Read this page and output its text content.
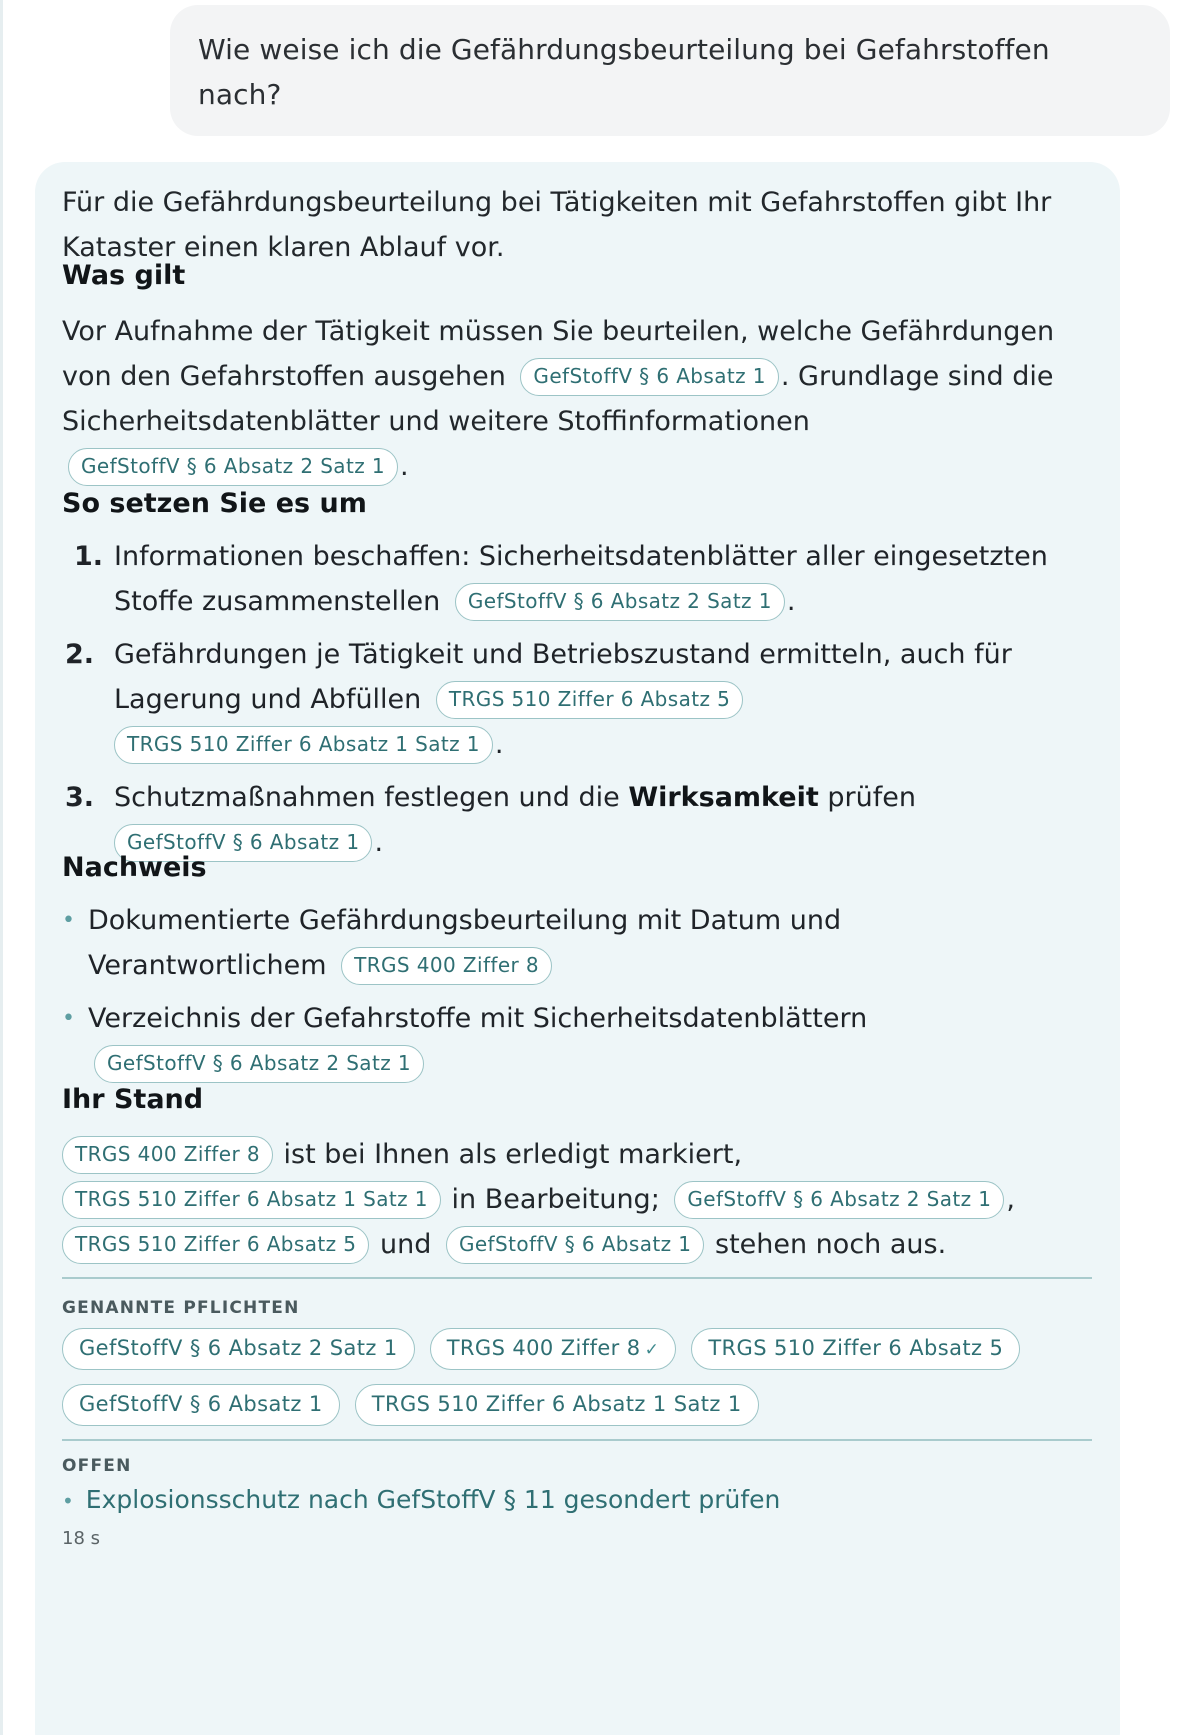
Wie weise ich die Gefährdungsbeurteilung bei Gefahrstoffen nach?

Für die Gefährdungsbeurteilung bei Tätigkeiten mit Gefahrstoffen gibt Ihr Kataster einen klaren Ablauf vor.

Was gilt
Vor Aufnahme der Tätigkeit müssen Sie beurteilen, welche Gefährdungen von den Gefahrstoffen ausgehen GefStoffV § 6 Absatz 1 . Grundlage sind die Sicherheitsdatenblätter und weitere Stoffinformationen GefStoffV § 6 Absatz 2 Satz 1 .
So setzen Sie es um
1. Informationen beschaffen: Sicherheitsdatenblätter aller eingesetzten Stoffe zusammenstellen GefStoffV § 6 Absatz 2 Satz 1 .
2. Gefährdungen je Tätigkeit und Betriebszustand ermitteln, auch für Lagerung und Abfüllen TRGS 510 Ziffer 6 Absatz 5 TRGS 510 Ziffer 6 Absatz 1 Satz 1 .
3. Schutzmaßnahmen festlegen und die Wirksamkeit prüfen
GefStoffV § 6 Absatz 1 .
Nachweis
• Dokumentierte Gefährdungsbeurteilung mit Datum und Verantwortlichem TRGS 400 Ziffer 8
• Verzeichnis der Gefahrstoffe mit Sicherheitsdatenblättern
GefStoffV § 6 Absatz 2 Satz 1
Ihr Stand
TRGS 400 Ziffer 8 ist bei Ihnen als erledigt markiert,
TRGS 510 Ziffer 6 Absatz 1 Satz 1 in Bearbeitung; GefStoffV § 6 Absatz 2 Satz 1 ,
TRGS 510 Ziffer 6 Absatz 5 und GefStoffV § 6 Absatz 1 stehen noch aus.
GENANNTE PFLICHTEN
GefStoffV § 6 Absatz 2 Satz 1 TRGS 400 Ziffer 8 ✓ TRGS 510 Ziffer 6 Absatz 5 GefStoffV § 6 Absatz 1 TRGS 510 Ziffer 6 Absatz 1 Satz 1
OFFEN
• Explosionsschutz nach GefStoffV § 11 gesondert prüfen
18 s
